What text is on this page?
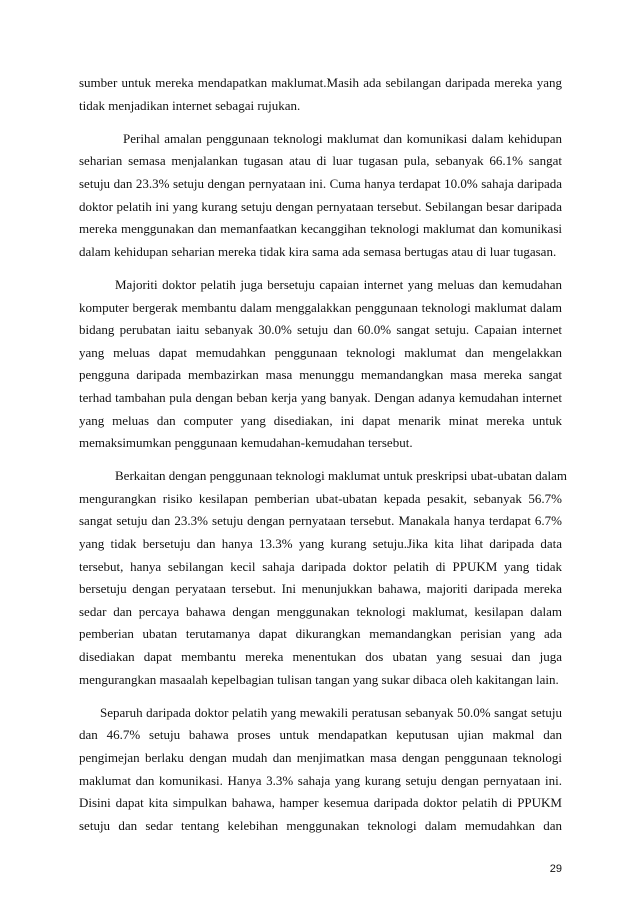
sumber untuk mereka mendapatkan maklumat.Masih ada sebilangan daripada mereka yang
tidak menjadikan internet sebagai rujukan.

Perihal amalan penggunaan teknologi maklumat dan komunikasi dalam kehidupan
seharian semasa menjalankan tugasan atau di luar tugasan pula, sebanyak 66.1% sangat
setuju dan 23.3% setuju dengan pernyataan ini. Cuma hanya terdapat 10.0% sahaja daripada
doktor pelatih ini yang kurang setuju dengan pernyataan tersebut. Sebilangan besar daripada
mereka menggunakan dan memanfaatkan kecanggihan teknologi maklumat dan komunikasi
dalam kehidupan seharian mereka tidak kira sama ada semasa bertugas atau di luar tugasan.

Majoriti doktor pelatih juga bersetuju capaian internet yang meluas dan kemudahan
komputer bergerak membantu dalam menggalakkan penggunaan teknologi maklumat dalam
bidang perubatan iaitu sebanyak 30.0% setuju dan 60.0% sangat setuju. Capaian internet
yang meluas dapat memudahkan penggunaan teknologi maklumat dan mengelakkan
pengguna daripada membazirkan masa menunggu memandangkan masa mereka sangat
terhad tambahan pula dengan beban kerja yang banyak. Dengan adanya kemudahan internet
yang meluas dan computer yang disediakan, ini dapat menarik minat mereka untuk
memaksimumkan penggunaan kemudahan-kemudahan tersebut.

Berkaitan dengan penggunaan teknologi maklumat untuk preskripsi ubat-ubatan dalam
mengurangkan risiko kesilapan pemberian ubat-ubatan kepada pesakit, sebanyak 56.7%
sangat setuju dan 23.3% setuju dengan pernyataan tersebut. Manakala hanya terdapat 6.7%
yang tidak bersetuju dan hanya 13.3% yang kurang setuju.Jika kita lihat daripada data
tersebut, hanya sebilangan kecil sahaja daripada doktor pelatih di PPUKM yang tidak
bersetuju dengan peryataan tersebut. Ini menunjukkan bahawa, majoriti daripada mereka
sedar dan percaya bahawa dengan menggunakan teknologi maklumat, kesilapan dalam
pemberian ubatan terutamanya dapat dikurangkan memandangkan perisian yang ada
disediakan dapat membantu mereka menentukan dos ubatan yang sesuai dan juga
mengurangkan masaalah kepelbagian tulisan tangan yang sukar dibaca oleh kakitangan lain.

Separuh daripada doktor pelatih yang mewakili peratusan sebanyak 50.0% sangat setuju
dan 46.7% setuju bahawa proses untuk mendapatkan keputusan ujian makmal dan
pengimejan berlaku dengan mudah dan menjimatkan masa dengan penggunaan teknologi
maklumat dan komunikasi. Hanya 3.3% sahaja yang kurang setuju dengan pernyataan ini.
Disini dapat kita simpulkan bahawa, hamper kesemua daripada doktor pelatih di PPUKM
setuju dan sedar tentang kelebihan menggunakan teknologi dalam memudahkan dan

29
